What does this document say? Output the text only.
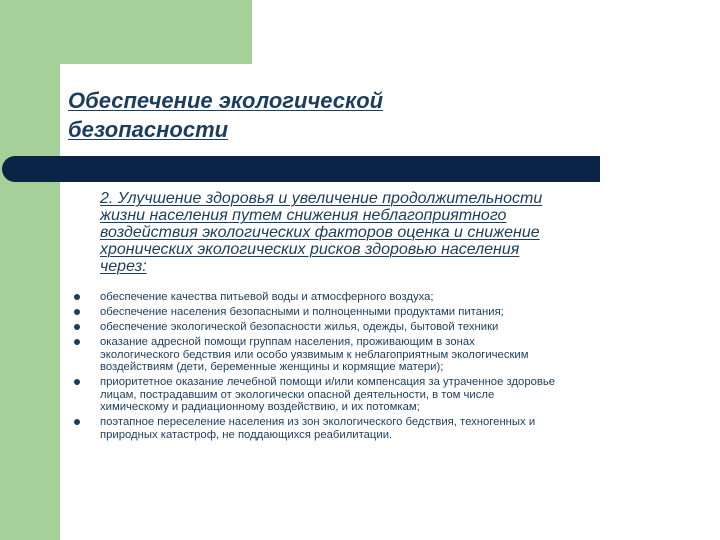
Обеспечение экологической
безопасности
2. Улучшение здоровья и увеличение продолжительности
жизни населения путем снижения неблагоприятного
воздействия экологических факторов оценка и снижение
хронических экологических рисков здоровью населения
через:
обеспечение качества питьевой воды и атмосферного воздуха;
обеспечение населения безопасными и полноценными продуктами питания;
обеспечение экологической безопасности жилья, одежды, бытовой техники
оказание адресной помощи группам населения, проживающим в зонах
экологического бедствия или особо уязвимым к неблагоприятным экологическим
воздействиям (дети, беременные женщины и кормящие матери);
приоритетное оказание лечебной помощи и/или компенсация за утраченное здоровье
лицам, пострадавшим от экологически опасной деятельности, в том числе
химическому и радиационному воздействию, и их потомкам;
поэтапное переселение населения из зон экологического бедствия, техногенных и
природных катастроф, не поддающихся реабилитации.
